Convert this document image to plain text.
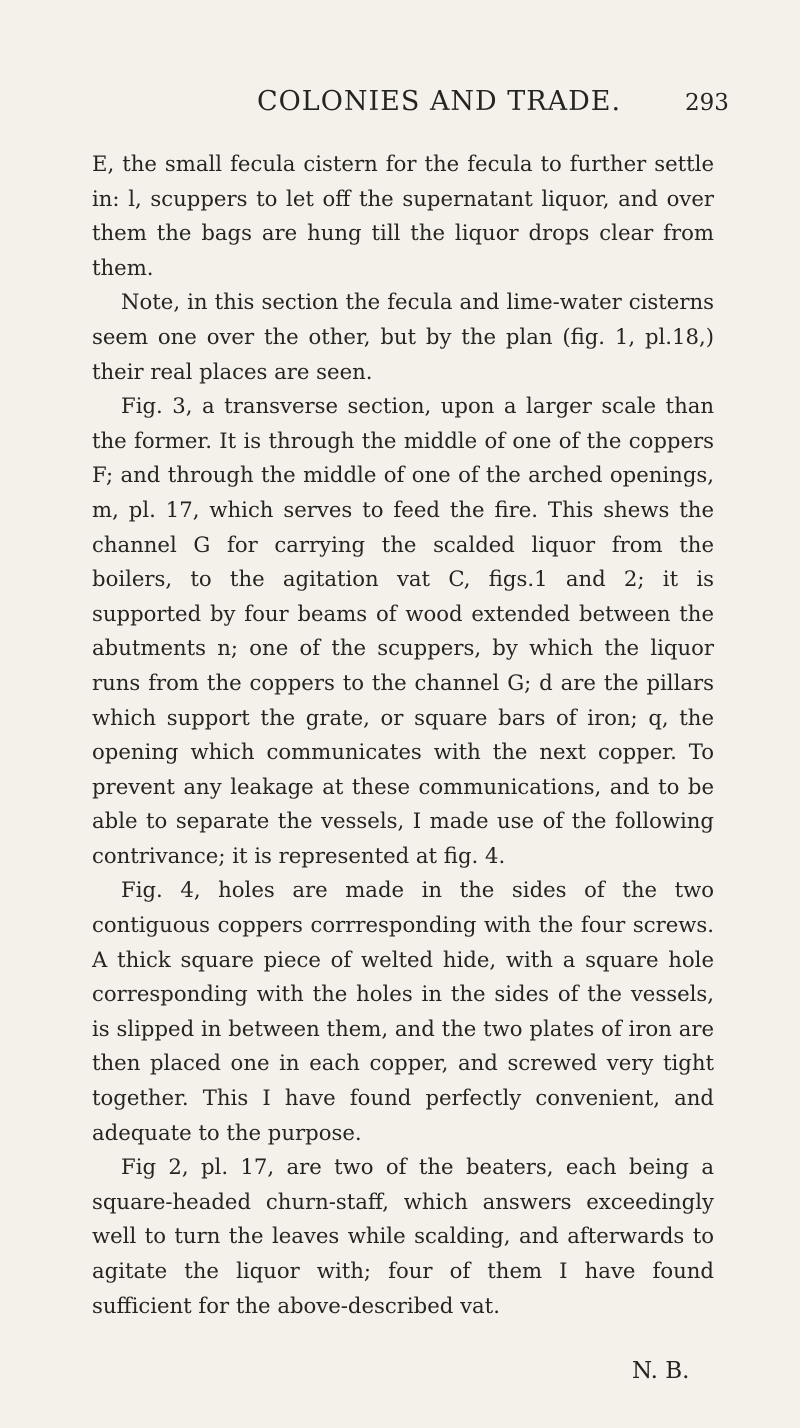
COLONIES AND TRADE.	293

E, the small fecula cistern for the fecula to further settle in: l, scuppers to let off the supernatant liquor, and over them the bags are hung till the liquor drops clear from them.

Note, in this section the fecula and lime-water cisterns seem one over the other, but by the plan (fig. 1, pl.18,) their real places are seen.

Fig. 3, a transverse section, upon a larger scale than the former. It is through the middle of one of the coppers F; and through the middle of one of the arched openings, m, pl. 17, which serves to feed the fire. This shews the channel G for carrying the scalded liquor from the boilers, to the agitation vat C, figs.1 and 2; it is supported by four beams of wood extended between the abutments n; one of the scuppers, by which the liquor runs from the coppers to the channel G; d are the pillars which support the grate, or square bars of iron; q, the opening which communicates with the next copper. To prevent any leakage at these communications, and to be able to separate the vessels, I made use of the following contrivance; it is represented at fig. 4.

Fig. 4, holes are made in the sides of the two contiguous coppers corrresponding with the four screws. A thick square piece of welted hide, with a square hole corresponding with the holes in the sides of the vessels, is slipped in between them, and the two plates of iron are then placed one in each copper, and screwed very tight together. This I have found perfectly convenient, and adequate to the purpose.

Fig 2, pl. 17, are two of the beaters, each being a square-headed churn-staff, which answers exceedingly well to turn the leaves while scalding, and afterwards to agitate the liquor with; four of them I have found sufficient for the above-described vat.

N. B.
